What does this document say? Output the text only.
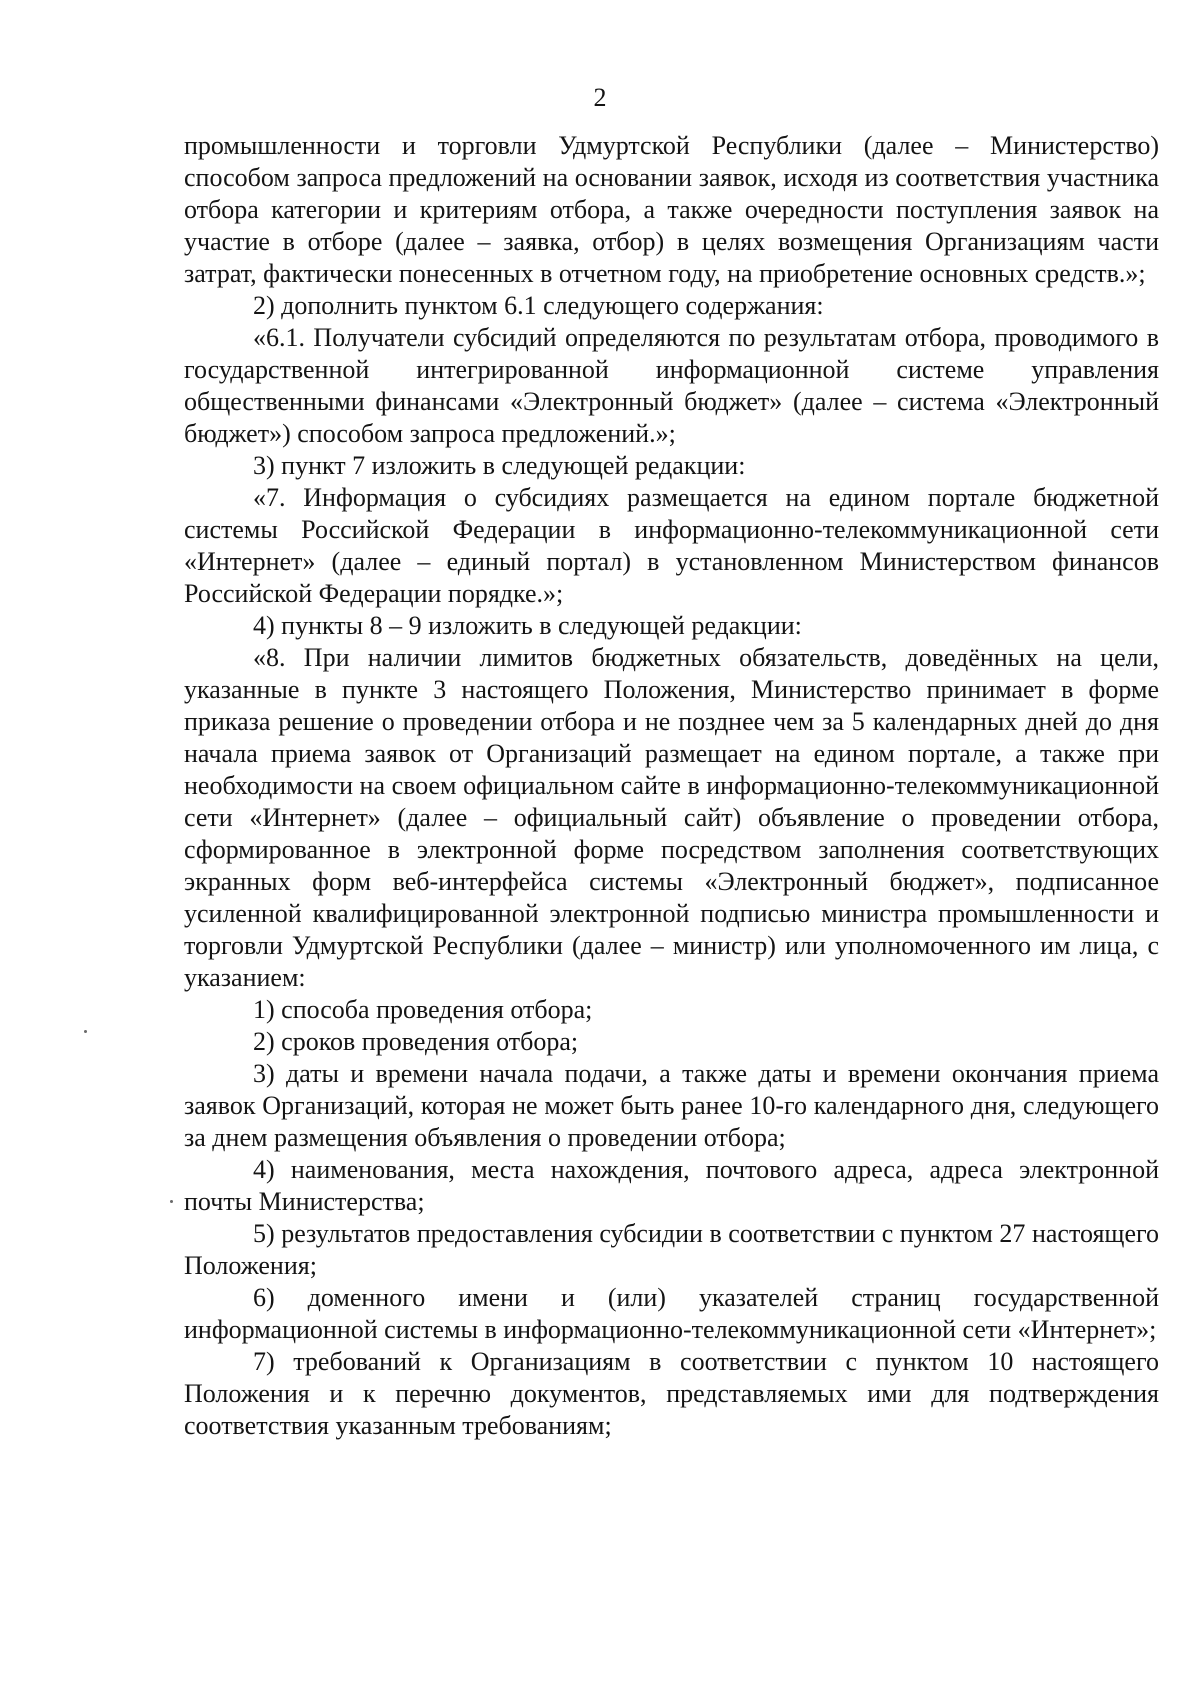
2

промышленности и торговли Удмуртской Республики (далее – Министерство) способом запроса предложений на основании заявок, исходя из соответствия участника отбора категории и критериям отбора, а также очередности поступления заявок на участие в отборе (далее – заявка, отбор) в целях возмещения Организациям части затрат, фактически понесенных в отчетном году, на приобретение основных средств.»;

2) дополнить пунктом 6.1 следующего содержания:

«6.1. Получатели субсидий определяются по результатам отбора, проводимого в государственной интегрированной информационной системе управления общественными финансами «Электронный бюджет» (далее – система «Электронный бюджет») способом запроса предложений.»;

3) пункт 7 изложить в следующей редакции:

«7. Информация о субсидиях размещается на едином портале бюджетной системы Российской Федерации в информационно-телекоммуникационной сети «Интернет» (далее – единый портал) в установленном Министерством финансов Российской Федерации порядке.»;

4) пункты 8 – 9 изложить в следующей редакции:

«8. При наличии лимитов бюджетных обязательств, доведённых на цели, указанные в пункте 3 настоящего Положения, Министерство принимает в форме приказа решение о проведении отбора и не позднее чем за 5 календарных дней до дня начала приема заявок от Организаций размещает на едином портале, а также при необходимости на своем официальном сайте в информационно-телекоммуникационной сети «Интернет» (далее – официальный сайт) объявление о проведении отбора, сформированное в электронной форме посредством заполнения соответствующих экранных форм веб-интерфейса системы «Электронный бюджет», подписанное усиленной квалифицированной электронной подписью министра промышленности и торговли Удмуртской Республики (далее – министр) или уполномоченного им лица, с указанием:

1) способа проведения отбора;

2) сроков проведения отбора;

3) даты и времени начала подачи, а также даты и времени окончания приема заявок Организаций, которая не может быть ранее 10-го календарного дня, следующего за днем размещения объявления о проведении отбора;

4) наименования, места нахождения, почтового адреса, адреса электронной почты Министерства;

5) результатов предоставления субсидии в соответствии с пунктом 27 настоящего Положения;

6) доменного имени и (или) указателей страниц государственной информационной системы в информационно-телекоммуникационной сети «Интернет»;

7) требований к Организациям в соответствии с пунктом 10 настоящего Положения и к перечню документов, представляемых ими для подтверждения соответствия указанным требованиям;
